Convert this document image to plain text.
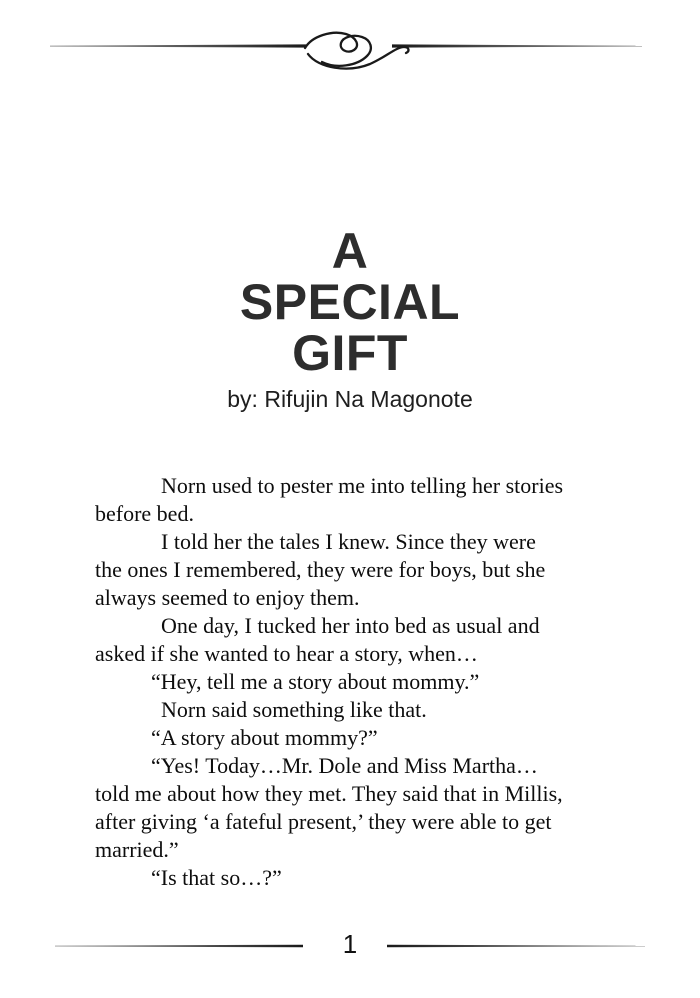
A
SPECIAL
GIFT
by: Rifujin Na Magonote
Norn used to pester me into telling her stories
before bed.
I told her the tales I knew. Since they were
the ones I remembered, they were for boys, but she
always seemed to enjoy them.
One day, I tucked her into bed as usual and
asked if she wanted to hear a story, when…
“Hey, tell me a story about mommy.”
Norn said something like that.
“A story about mommy?”
“Yes! Today…Mr. Dole and Miss Martha…
told me about how they met. They said that in Millis,
after giving ‘a fateful present,’ they were able to get
married.”
“Is that so…?”
1
